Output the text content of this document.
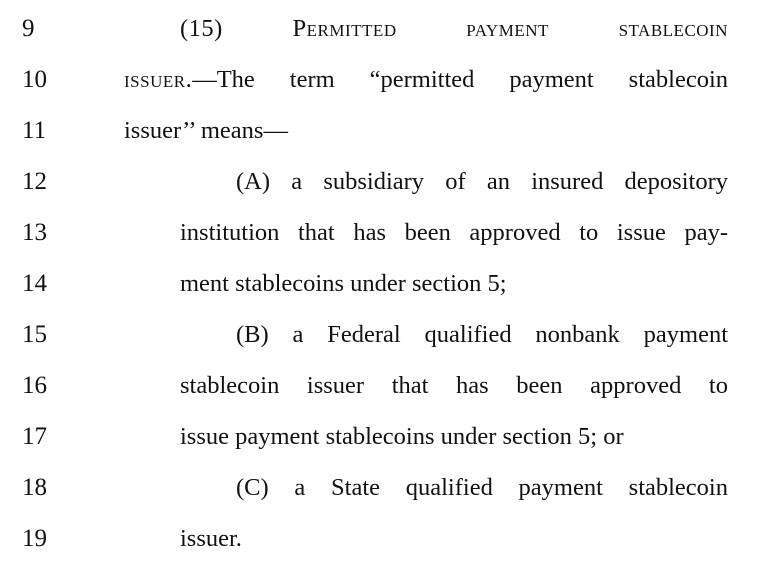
9	(15) Permitted payment stablecoin
10	issuer.—The term “permitted payment stablecoin
11	issuer’’ means—
12	(A) a subsidiary of an insured depository
13	institution that has been approved to issue pay-
14	ment stablecoins under section 5;
15	(B) a Federal qualified nonbank payment
16	stablecoin issuer that has been approved to
17	issue payment stablecoins under section 5; or
18	(C) a State qualified payment stablecoin
19	issuer.
